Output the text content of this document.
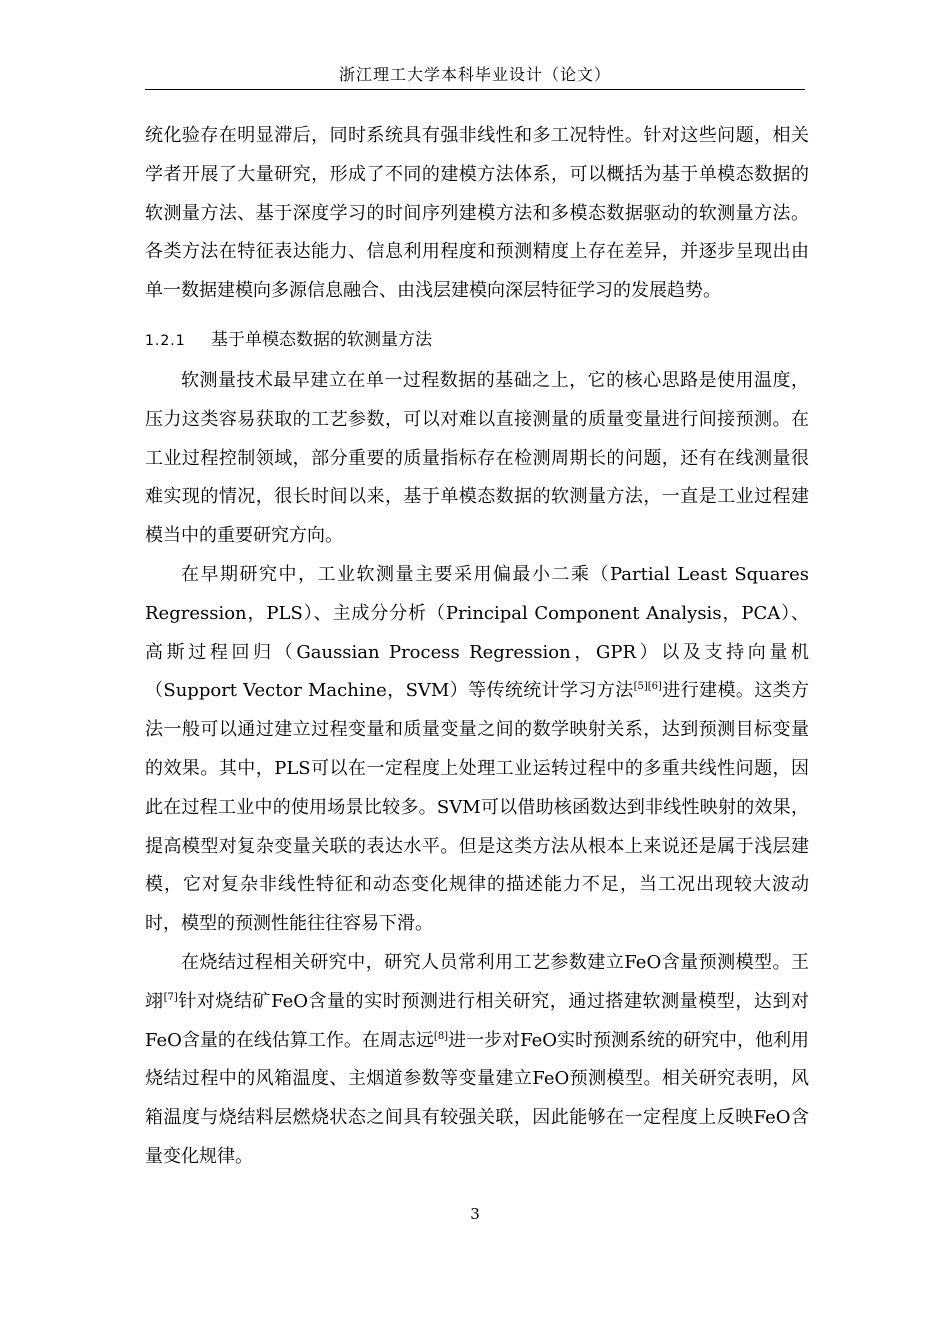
浙江理工大学本科毕业设计（论文）

统化验存在明显滞后，同时系统具有强非线性和多工况特性。针对这些问题，相关学者开展了大量研究，形成了不同的建模方法体系，可以概括为基于单模态数据的软测量方法、基于深度学习的时间序列建模方法和多模态数据驱动的软测量方法。各类方法在特征表达能力、信息利用程度和预测精度上存在差异，并逐步呈现出由单一数据建模向多源信息融合、由浅层建模向深层特征学习的发展趋势。

1.2.1 基于单模态数据的软测量方法

软测量技术最早建立在单一过程数据的基础之上，它的核心思路是使用温度，压力这类容易获取的工艺参数，可以对难以直接测量的质量变量进行间接预测。在工业过程控制领域，部分重要的质量指标存在检测周期长的问题，还有在线测量很难实现的情况，很长时间以来，基于单模态数据的软测量方法，一直是工业过程建模当中的重要研究方向。

在早期研究中，工业软测量主要采用偏最小二乘（Partial Least Squares Regression，PLS）、主成分分析（Principal Component Analysis，PCA）、高斯过程回归（Gaussian Process Regression，GPR）以及支持向量机（Support Vector Machine，SVM）等传统统计学习方法[5][6]进行建模。这类方法一般可以通过建立过程变量和质量变量之间的数学映射关系，达到预测目标变量的效果。其中，PLS可以在一定程度上处理工业运转过程中的多重共线性问题，因此在过程工业中的使用场景比较多。SVM可以借助核函数达到非线性映射的效果，提高模型对复杂变量关联的表达水平。但是这类方法从根本上来说还是属于浅层建模，它对复杂非线性特征和动态变化规律的描述能力不足，当工况出现较大波动时，模型的预测性能往往容易下滑。

在烧结过程相关研究中，研究人员常利用工艺参数建立FeO含量预测模型。王翊[7]针对烧结矿FeO含量的实时预测进行相关研究，通过搭建软测量模型，达到对FeO含量的在线估算工作。在周志远[8]进一步对FeO实时预测系统的研究中，他利用烧结过程中的风箱温度、主烟道参数等变量建立FeO预测模型。相关研究表明，风箱温度与烧结料层燃烧状态之间具有较强关联，因此能够在一定程度上反映FeO含量变化规律。

3
